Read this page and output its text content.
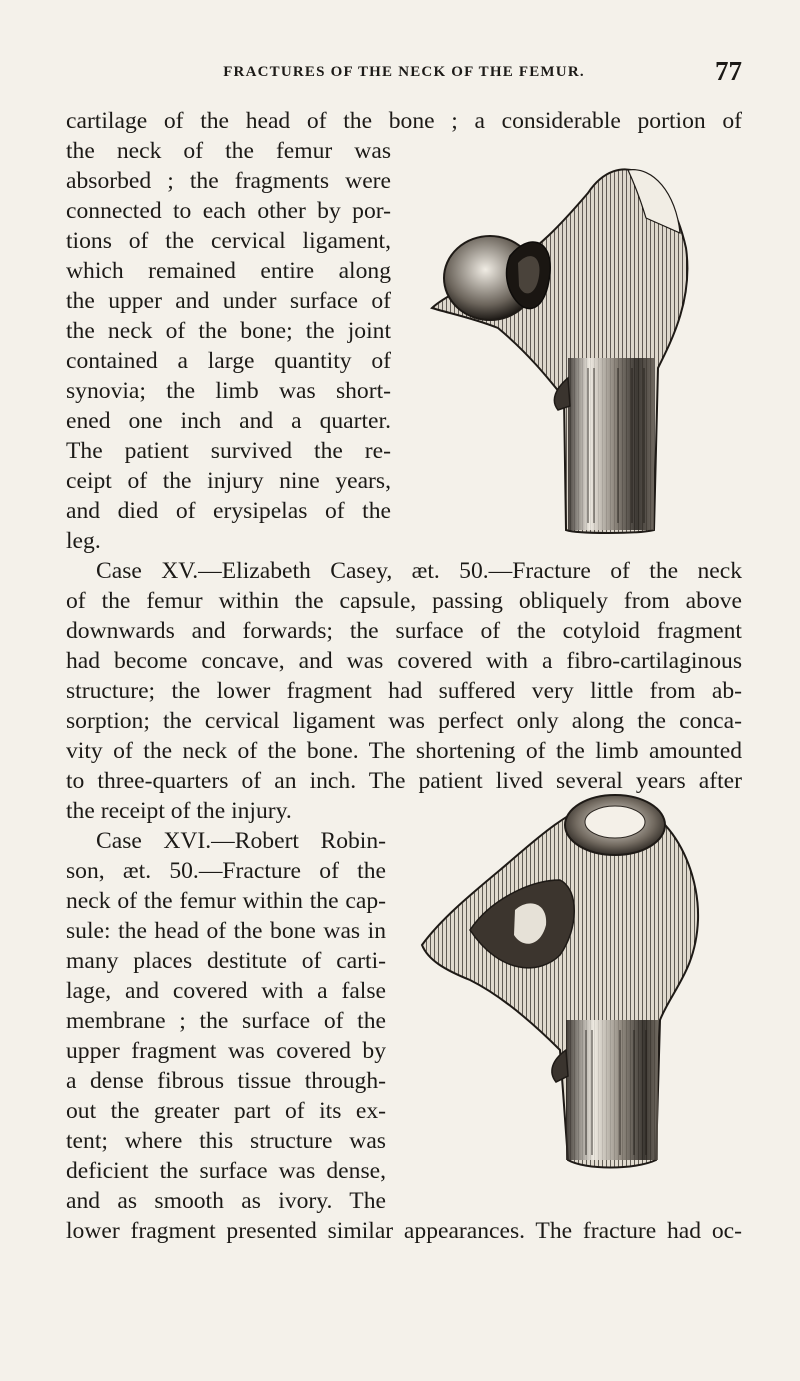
FRACTURES OF THE NECK OF THE FEMUR.	77
cartilage of the head of the bone ; a considerable portion of
the neck of the femur was
absorbed ; the fragments were
connected to each other by por-
tions of the cervical ligament,
which remained entire along
the upper and under surface of
the neck of the bone; the joint
contained a large quantity of
synovia; the limb was short-
ened one inch and a quarter.
The patient survived the re-
ceipt of the injury nine years,
and died of erysipelas of the
leg.
Case XV.—Elizabeth Casey, æt. 50.—Fracture of the neck
of the femur within the capsule, passing obliquely from above
downwards and forwards; the surface of the cotyloid fragment
had become concave, and was covered with a fibro-cartilaginous
structure; the lower fragment had suffered very little from ab-
sorption; the cervical ligament was perfect only along the conca-
vity of the neck of the bone. The shortening of the limb amounted
to three-quarters of an inch. The patient lived several years after
the receipt of the injury.
Case XVI.—Robert Robin-
son, æt. 50.—Fracture of the
neck of the femur within the cap-
sule: the head of the bone was in
many places destitute of carti-
lage, and covered with a false
membrane ; the surface of the
upper fragment was covered by
a dense fibrous tissue through-
out the greater part of its ex-
tent; where this structure was
deficient the surface was dense,
and as smooth as ivory. The
lower fragment presented similar appearances. The fracture had oc-
